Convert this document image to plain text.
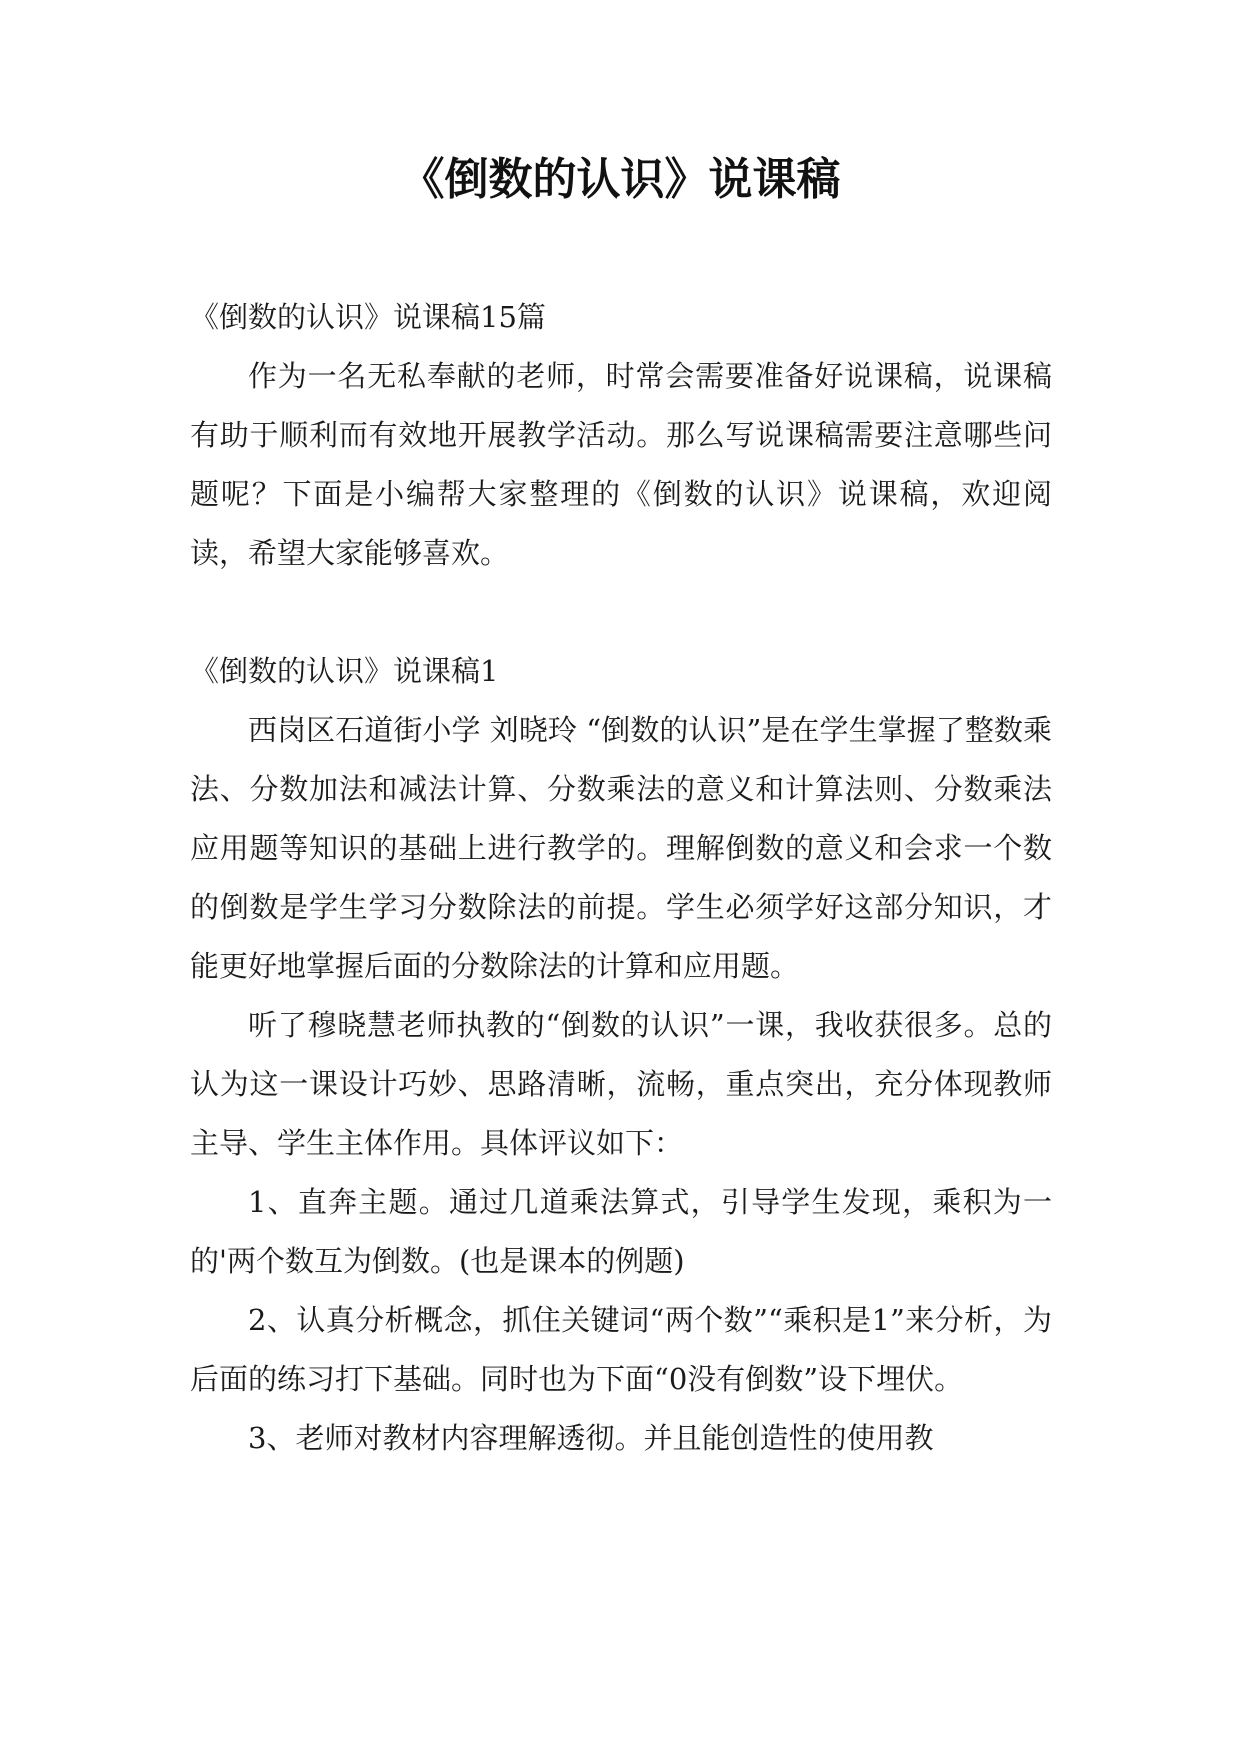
《倒数的认识》说课稿

《倒数的认识》说课稿15篇

作为一名无私奉献的老师，时常会需要准备好说课稿，说课稿有助于顺利而有效地开展教学活动。那么写说课稿需要注意哪些问题呢？下面是小编帮大家整理的《倒数的认识》说课稿，欢迎阅读，希望大家能够喜欢。

《倒数的认识》说课稿1

西岗区石道街小学 刘晓玲 “倒数的认识”是在学生掌握了整数乘法、分数加法和减法计算、分数乘法的意义和计算法则、分数乘法应用题等知识的基础上进行教学的。理解倒数的意义和会求一个数的倒数是学生学习分数除法的前提。学生必须学好这部分知识，才能更好地掌握后面的分数除法的计算和应用题。

听了穆晓慧老师执教的“倒数的认识”一课，我收获很多。总的认为这一课设计巧妙、思路清晰，流畅，重点突出，充分体现教师主导、学生主体作用。具体评议如下：

1、直奔主题。通过几道乘法算式，引导学生发现，乘积为一的'两个数互为倒数。(也是课本的例题)

2、认真分析概念，抓住关键词“两个数”“乘积是1”来分析，为后面的练习打下基础。同时也为下面“0没有倒数”设下埋伏。

3、老师对教材内容理解透彻。并且能创造性的使用教
